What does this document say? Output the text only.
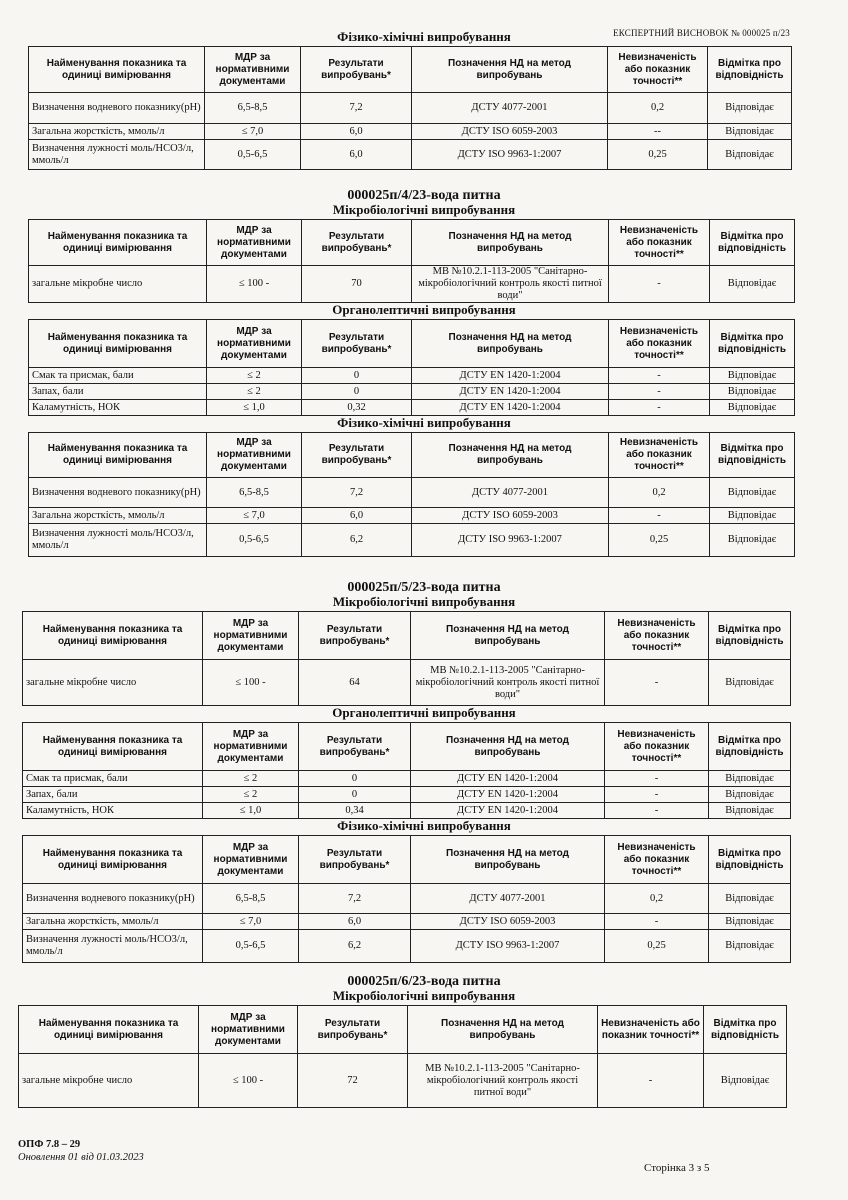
ЕКСПЕРТНИЙ ВИСНОВОК № 000025 п/23
Фізико-хімічні випробування
Найменування показника та одиниці вимірювання	МДР за нормативними документами	Результати випробувань*	Позначення НД на метод випробувань	Невизначеність або показник точності**	Відмітка про відповідність
Визначення водневого показнику(рН)	6,5-8,5	7,2	ДСТУ 4077-2001	0,2	Відповідає
Загальна жорсткість, ммоль/л	≤ 7,0	6,0	ДСТУ ISO 6059-2003	--	Відповідає
Визначення лужності моль/НСО3/л, ммоль/л	0,5-6,5	6,0	ДСТУ ISO 9963-1:2007	0,25	Відповідає
000025п/4/23-вода питна
Мікробіологічні випробування
Найменування показника та одиниці вимірювання	МДР за нормативними документами	Результати випробувань*	Позначення НД на метод випробувань	Невизначеність або показник точності**	Відмітка про відповідність
загальне мікробне число	≤ 100 -	70	МВ №10.2.1-113-2005 "Санітарно-мікробіологічний контроль якості питної води"	-	Відповідає
Органолептичні випробування
Найменування показника та одиниці вимірювання	МДР за нормативними документами	Результати випробувань*	Позначення НД на метод випробувань	Невизначеність або показник точності**	Відмітка про відповідність
Смак та присмак, бали	≤ 2	0	ДСТУ EN 1420-1:2004	-	Відповідає
Запах, бали	≤ 2	0	ДСТУ EN 1420-1:2004	-	Відповідає
Каламутність, НОК	≤ 1,0	0,32	ДСТУ EN 1420-1:2004	-	Відповідає
Фізико-хімічні випробування
Найменування показника та одиниці вимірювання	МДР за нормативними документами	Результати випробувань*	Позначення НД на метод випробувань	Невизначеність або показник точності**	Відмітка про відповідність
Визначення водневого показнику(рН)	6,5-8,5	7,2	ДСТУ 4077-2001	0,2	Відповідає
Загальна жорсткість, ммоль/л	≤ 7,0	6,0	ДСТУ ISO 6059-2003	-	Відповідає
Визначення лужності моль/НСО3/л, ммоль/л	0,5-6,5	6,2	ДСТУ ISO 9963-1:2007	0,25	Відповідає
000025п/5/23-вода питна
Мікробіологічні випробування
Найменування показника та одиниці вимірювання	МДР за нормативними документами	Результати випробувань*	Позначення НД на метод випробувань	Невизначеність або показник точності**	Відмітка про відповідність
загальне мікробне число	≤ 100 -	64	МВ №10.2.1-113-2005 "Санітарно-мікробіологічний контроль якості питної води"	-	Відповідає
Органолептичні випробування
Найменування показника та одиниці вимірювання	МДР за нормативними документами	Результати випробувань*	Позначення НД на метод випробувань	Невизначеність або показник точності**	Відмітка про відповідність
Смак та присмак, бали	≤ 2	0	ДСТУ EN 1420-1:2004	-	Відповідає
Запах, бали	≤ 2	0	ДСТУ EN 1420-1:2004	-	Відповідає
Каламутність, НОК	≤ 1,0	0,34	ДСТУ EN 1420-1:2004	-	Відповідає
Фізико-хімічні випробування
Найменування показника та одиниці вимірювання	МДР за нормативними документами	Результати випробувань*	Позначення НД на метод випробувань	Невизначеність або показник точності**	Відмітка про відповідність
Визначення водневого показнику(рН)	6,5-8,5	7,2	ДСТУ 4077-2001	0,2	Відповідає
Загальна жорсткість, ммоль/л	≤ 7,0	6,0	ДСТУ ISO 6059-2003	-	Відповідає
Визначення лужності моль/НСО3/л, ммоль/л	0,5-6,5	6,2	ДСТУ ISO 9963-1:2007	0,25	Відповідає
000025п/6/23-вода питна
Мікробіологічні випробування
Найменування показника та одиниці вимірювання	МДР за нормативними документами	Результати випробувань*	Позначення НД на метод випробувань	Невизначеність або показник точності**	Відмітка про відповідність
загальне мікробне число	≤ 100 -	72	МВ №10.2.1-113-2005 "Санітарно-мікробіологічний контроль якості питної води"	-	Відповідає
ОПФ 7.8 – 29
Оновлення 01 від 01.03.2023
Сторінка 3 з 5
